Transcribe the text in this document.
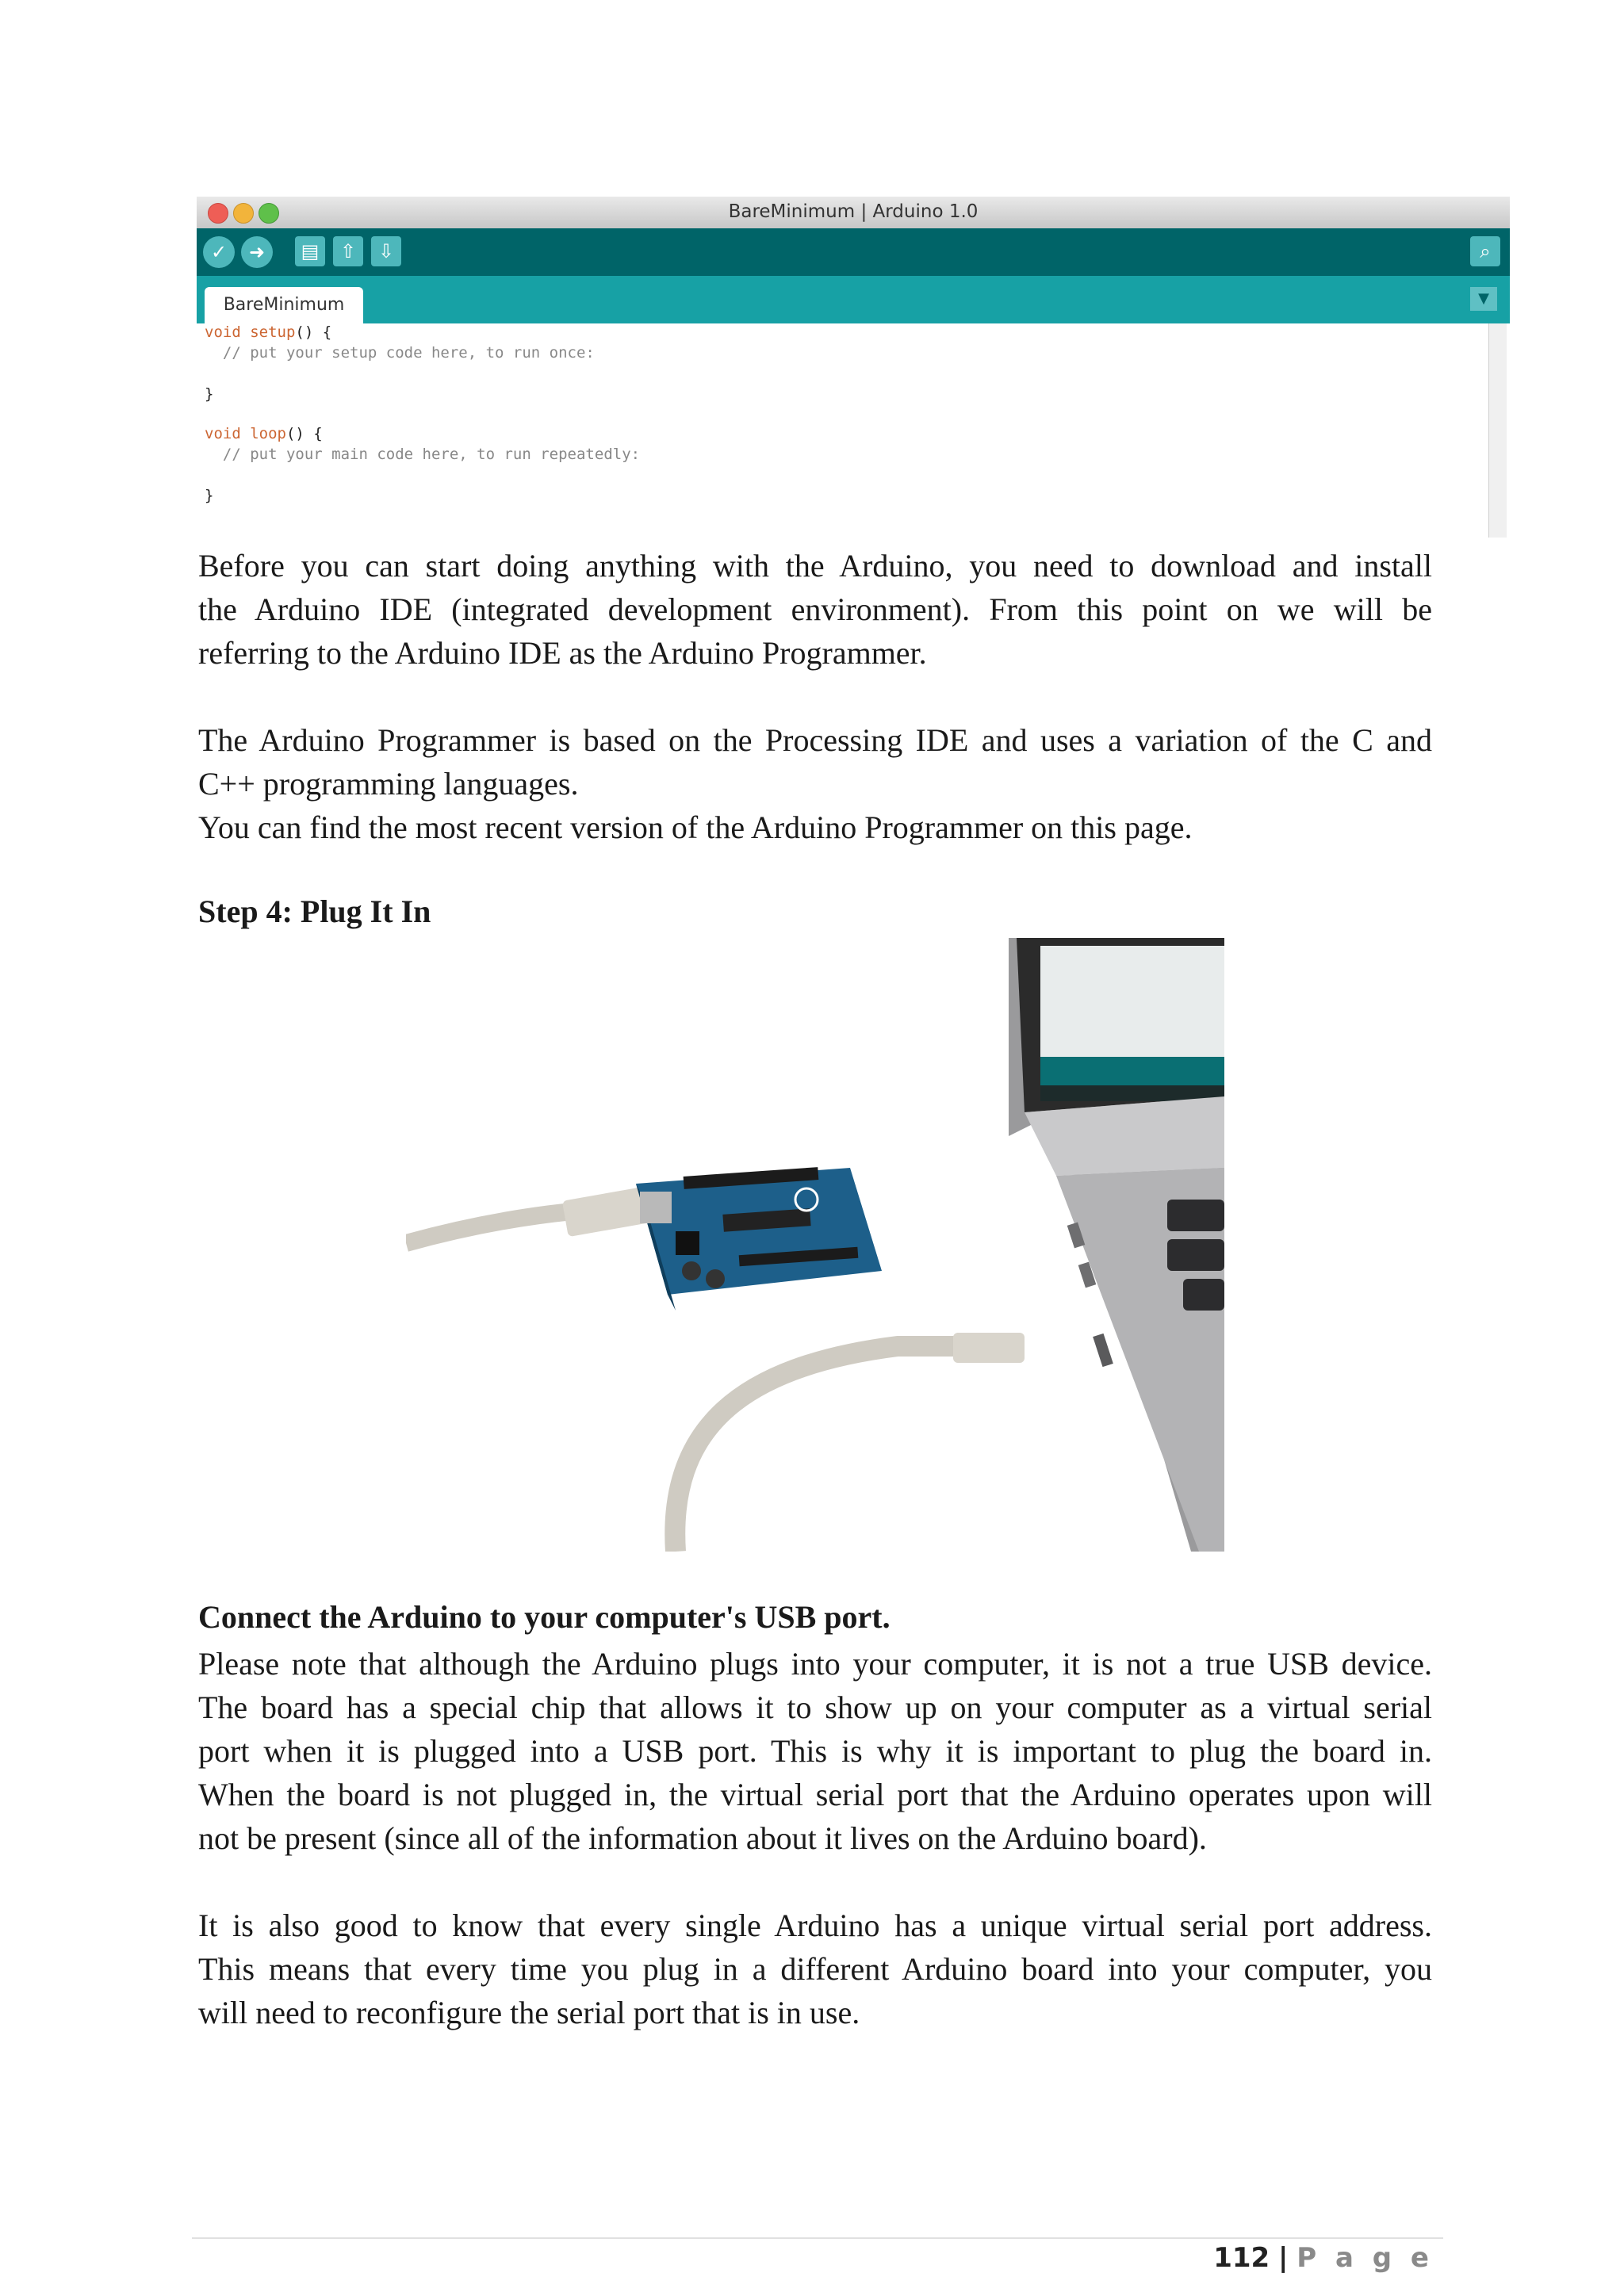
BareMinimum | Arduino 1.0
✓	➜	▤	⇧	⇩	⌕
BareMinimum	▼
void setup() {
// put your setup code here, to run once:
}
void loop() {
// put your main code here, to run repeatedly:
}

Before you can start doing anything with the Arduino, you need to download and install
the Arduino IDE (integrated development environment). From this point on we will be
referring to the Arduino IDE as the Arduino Programmer.

The Arduino Programmer is based on the Processing IDE and uses a variation of the C and
C++ programming languages.
You can find the most recent version of the Arduino Programmer on this page.

Step 4: Plug It In
Connect the Arduino to your computer's USB port.

Please note that although the Arduino plugs into your computer, it is not a true USB device.
The board has a special chip that allows it to show up on your computer as a virtual serial
port when it is plugged into a USB port. This is why it is important to plug the board in.
When the board is not plugged in, the virtual serial port that the Arduino operates upon will
not be present (since all of the information about it lives on the Arduino board).

It is also good to know that every single Arduino has a unique virtual serial port address.
This means that every time you plug in a different Arduino board into your computer, you
will need to reconfigure the serial port that is in use.

112 | P a g e
